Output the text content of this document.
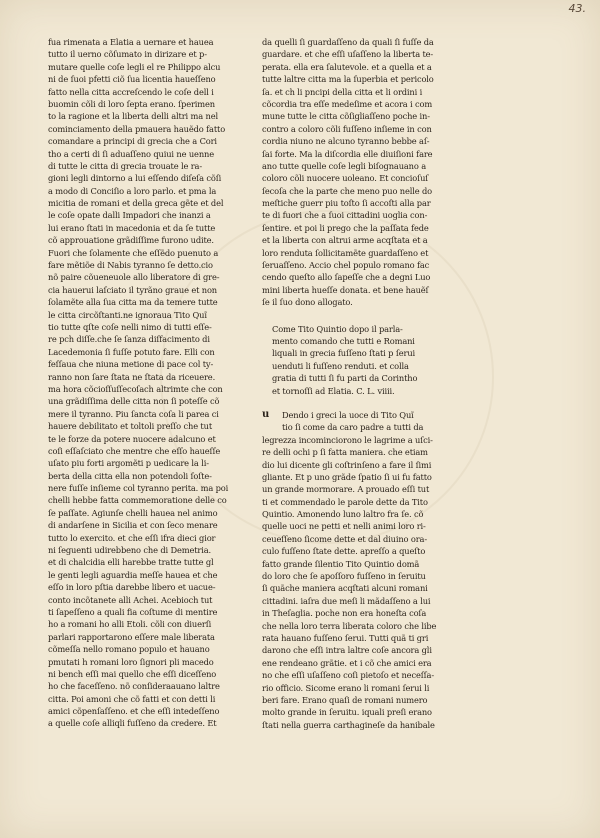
43.
fua rimenata a Elatia a uernare et hauea
tutto il uerno cõſumato in dirizare et p-
mutare quelle coſe legli el re Philippo alcu
ni de ſuoi pfetti ciõ ſua licentia haueſſeno
fatto nella citta accreſcendo le coſe dell i
buomin cõli di loro ſepta erano. ſperimen
to la ragione et la liberta delli altri ma nel
cominciamento della pmauera hauẽdo fatto
comandare a principi di grecia che a Cori
tho a certi di ſi aduaſſeno quiui ne uenne
di tutte le citta di grecia trouate le ra-
gioni legli dintorno a lui eſſendo diſeſa cõſi
a modo di Conciſio a loro parlo. et pma la
micitia de romani et della greca gẽte et del
le coſe opate dalli Impadori che inanzi a
lui erano ſtati in macedonia et da ſe tutte
cõ approuatione grãdiſſime furono udite.
Fuori che ſolamente che eſſẽdo puenuto a
fare mẽtiõe di Nabis tyranno ſe detto.cio
nõ paire cõueneuole allo liberatore di gre-
cia hauerui laſciato il tyrãno graue et non
ſolamẽte alla ſua citta ma da temere tutte
le citta circõſtanti.ne ignoraua Tito Quĩ
tio tutte qſte coſe nelli nimo di tutti eſſe-
re pch diſſe.che ſe ſanza diſfacimento di
Lacedemonia ſi fuſſe potuto fare. Elli con
feſſaua che niuna metione di pace col ty-
ranno non ſare ſtata ne ſtata da riceuere.
ma hora cõcioſſuſſecoſach altrimte che con
una grãdiſſima delle citta non ſi poteſſe cõ
mere il tyranno. Piu ſancta coſa li parea ci
hauere debilitato et toltoli preſſo che tut
te le forze da potere nuocere adalcuno et
coſi eſſaſciato che mentre che eſſo haueſſe
uſato piu forti argomẽti p uedicare la li-
berta della citta ella non potendoli ſoſte-
nere fuſſe inſieme col tyranno perita. ma poi
chelli hebbe fatta commemoratione delle co
ſe paſſate. Agiunſe chelli hauea nel animo
di andarſene in Sicilia et con ſeco menare
tutto lo exercito. et che eſſi ifra dieci gior
ni ſeguenti udirebbeno che di Demetria.
et di chalcidia elli harebbe tratte tutte gl
le genti legli aguardia meſſe hauea et che
eſſo in loro pſtia darebbe libero et uacue-
conto incõtanete alli Achei. Acebioch tut
ti ſapeſſeno a quali fia coſtume di mentire
ho a romani ho alli Etoli. cõli con diuerſi
parlari rapportarono eſſere male liberata
cõmeſſa nello romano populo et hauano
pmutati h romani loro ſignori pli macedo
ni bench eſſi mai quello che eſſi diceſſeno
ho che faceſſeno. nõ conſideraauano laltre
citta. Poi amoni che cõ fatti et con detti li
amici cõpenſaſſeno. et che eſſi intedeſſeno
a quelle coſe alliqli fuſſeno da credere. Et
da quelli ſi guardaſſeno da quali ſi fuſſe da
guardare. et che eſſi uſaſſeno la liberta te-
perata. ella era ſalutevole. et a quella et a
tutte laltre citta ma la ſuperbia et pericolo
ſa. et ch li pncipi della citta et li ordini i
cõcordia tra eſſe medeſime et acora i com
mune tutte le citta cõſigliaſſeno poche in-
contro a coloro cõli fuſſeno inſieme in con
cordia niuno ne alcuno tyranno bebbe aſ-
ſai forte. Ma la diſcordia elle diuiſioni fare
ano tutte quelle coſe legli biſognauano a
coloro cõli nuocere uoleano. Et concioſuſ
ſecoſa che la parte che meno puo nelle do
meſtiche guerr piu toſto ſi accoſti alla par
te di fuori che a ſuoi cittadini uoglia con-
ſentire. et poi li prego che la paſſata fede
et la liberta con altrui arme acqſtata et a
loro renduta ſollicitamẽte guardaſſeno et
ſeruaſſeno. Accio chel populo romano fac
cendo queſto allo ſapeſſe che a degni Luo
mini liberta hueſſe donata. et bene hauẽſ
ſe il ſuo dono allogato.
Come Tito Quintio dopo il parla-
mento comando che tutti e Romani
liquali in grecia fuſſeno ſtati p ſerui
uenduti li fuſſeno renduti. et colla
gratia di tutti ſi fu parti da Corintho
et tornoſſi ad Elatia. C. L. viiii.
u	Dendo i greci la uoce di Tito Quĩ
tio ſi come da caro padre a tutti da
legrezza incominciorono le lagrime a uſci-
re delli ochi p ſi fatta maniera. che etiam
dio lui dicente gli coſtrinſeno a fare il ſimi
gliante. Et p uno grãde ſpatio ſi ui fu fatto
un grande mormorare. A prouado eſſi tut
ti et commendado le parole dette da Tito
Quintio. Amonendo luno laltro fra ſe. cõ
quelle uoci ne petti et nelli animi loro ri-
ceueſſeno ſicome dette et dal diuino ora-
culo fuſſeno ſtate dette. apreſſo a queſto
fatto grande ſilentio Tito Quintio domã
do loro che ſe apoſſoro fuſſeno in ſeruitu
ſi quãche maniera acqſtati alcuni romani
cittadini. iaſra due meſi li mãdaſſeno a lui
in Theſaglia. poche non era honeſta coſa
che nella loro terra liberata coloro che libe
rata hauano fuſſeno ſerui. Tutti quã ti gri
darono che eſſi intra laltre coſe ancora gli
ene rendeano grãtie. et i cõ che amici era
no che eſſi uſaſſeno coſi pietoſo et neceſſa-
rio officio. Sicome erano li romani ſerui li
beri fare. Erano quaſi de romani numero
molto grande in ſeruitu. iquali preſi erano
ſtati nella guerra carthagineſe da hanibale
